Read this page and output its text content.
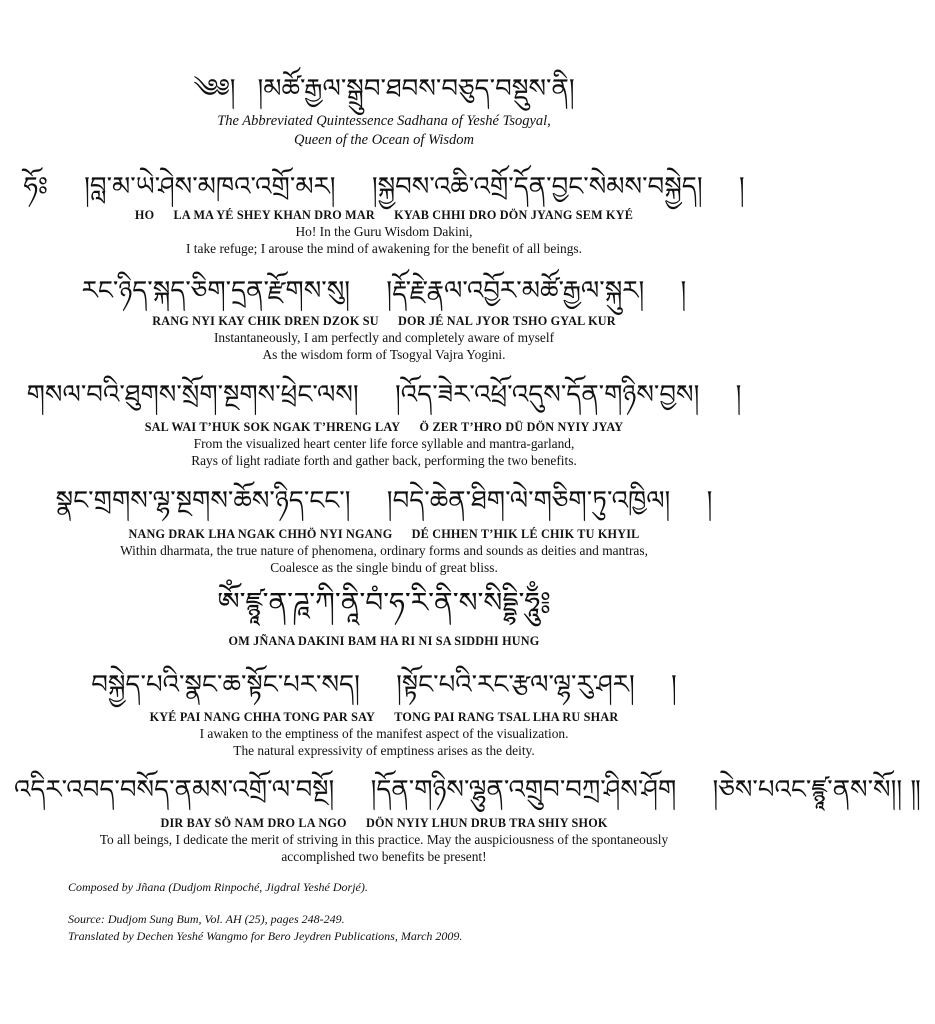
༄༅། །མཚོ་རྒྱལ་སྒྲུབ་ཐབས་བཅུད་བསྡུས་ནི།
The Abbreviated Quintessence Sadhana of Yeshé Tsogyal,
Queen of the Ocean of Wisdom
ཧོཿ །བླ་མ་ཡེ་ཤེས་མཁའ་འགྲོ་མར། །སྐྱབས་འཆི་འགྲོ་དོན་བྱང་སེམས་བསྐྱེད། །
HO LA MA YÉ SHEY KHAN DRO MAR KYAB CHHI DRO DÖN JYANG SEM KYÉ
Ho! In the Guru Wisdom Dakini,
I take refuge; I arouse the mind of awakening for the benefit of all beings.
རང་ཉིད་སྐད་ཅིག་དྲན་རྫོགས་སུ། །རྡོ་རྗེ་རྣལ་འབྱོར་མཚོ་རྒྱལ་སྐུར། །
RANG NYI KAY CHIK DREN DZOK SU DOR JÉ NAL JYOR TSHO GYAL KUR
Instantaneously, I am perfectly and completely aware of myself
As the wisdom form of Tsogyal Vajra Yogini.
གསལ་བའི་ཐུགས་སྲོག་སྔགས་ཕྲེང་ལས། །འོད་ཟེར་འཕྲོ་འདུས་དོན་གཉིས་བྱས། །
SAL WAI T’HUK SOK NGAK T’HRENG LAY Ö ZER T’HRO DÜ DÖN NYIY JYAY
From the visualized heart center life force syllable and mantra-garland,
Rays of light radiate forth and gather back, performing the two benefits.
སྣང་གྲགས་ལྷ་སྔགས་ཆོས་ཉིད་ངང་། །བདེ་ཆེན་ཐིག་ལེ་གཅིག་ཏུ་འཁྱིལ། །
NANG DRAK LHA NGAK CHHÖ NYI NGANG DÉ CHHEN T’HIK LÉ CHIK TU KHYIL
Within dharmata, the true nature of phenomena, ordinary forms and sounds as deities and mantras,
Coalesce as the single bindu of great bliss.
ཨོཾ་ཛྙཱ་ན་ཌཱ་ཀི་ནཱི་བཾ་ཧ་རི་ནི་ས་སིདྡྷི་ཧཱུྃ༔
OM JÑANA DAKINI BAM HA RI NI SA SIDDHI HUNG
བསྐྱེད་པའི་སྣང་ཆ་སྟོང་པར་སད། །སྟོང་པའི་རང་རྩལ་ལྷ་རུ་ཤར། །
KYÉ PAI NANG CHHA TONG PAR SAY TONG PAI RANG TSAL LHA RU SHAR
I awaken to the emptiness of the manifest aspect of the visualization.
The natural expressivity of emptiness arises as the deity.
འདིར་འབད་བསོད་ནམས་འགྲོ་ལ་བསྔོ། །དོན་གཉིས་ལྷུན་འགྲུབ་བཀྲ་ཤིས་ཤོག །ཅེས་པའང་ཛྙཱ་ནས་སོ།། ༎
DIR BAY SÖ NAM DRO LA NGO DÖN NYIY LHUN DRUB TRA SHIY SHOK
To all beings, I dedicate the merit of striving in this practice. May the auspiciousness of the spontaneously
accomplished two benefits be present!
Composed by Jñana (Dudjom Rinpoché, Jigdral Yeshé Dorjé).
Source: Dudjom Sung Bum, Vol. AH (25), pages 248-249.
Translated by Dechen Yeshé Wangmo for Bero Jeydren Publications, March 2009.
